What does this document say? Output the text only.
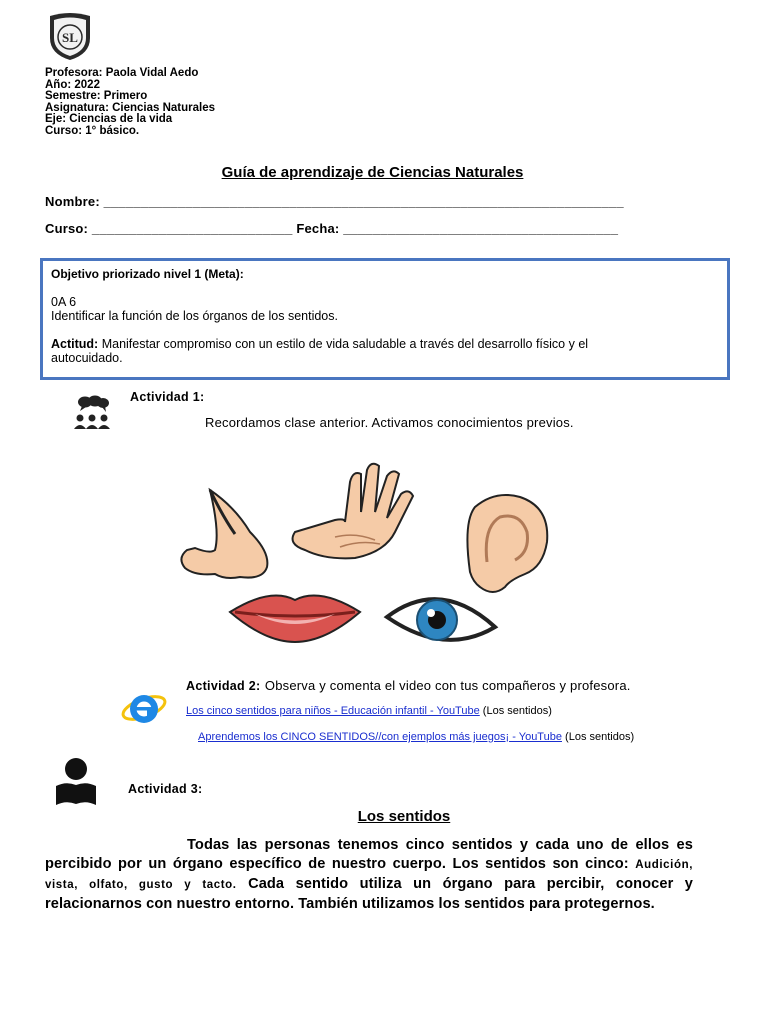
SL
Profesora: Paola Vidal Aedo
Año: 2022
Semestre: Primero
Asignatura: Ciencias Naturales
Eje: Ciencias de la vida
Curso: 1° básico.
Guía de aprendizaje de Ciencias Naturales
Nombre: ______________________________________________________________________
Curso: ___________________________ Fecha: _____________________________________
Objetivo priorizado nivel 1 (Meta):
0A 6
Identificar la función de los órganos de los sentidos.
Actitud: Manifestar compromiso con un estilo de vida saludable a través del desarrollo físico y el
autocuidado.
Actividad 1:
Recordamos clase anterior. Activamos conocimientos previos.
Actividad 2: Observa y comenta el video con tus compañeros y profesora.
Los cinco sentidos para niños - Educación infantil - YouTube (Los sentidos)
Aprendemos los CINCO SENTIDOS//con ejemplos más juegos¡ - YouTube (Los sentidos)
Actividad 3:
Los sentidos
Todas las personas tenemos cinco sentidos y cada uno de ellos es percibido por un órgano específico de nuestro cuerpo. Los sentidos son cinco: Audición, vista, olfato, gusto y tacto. Cada sentido utiliza un órgano para percibir, conocer y relacionarnos con nuestro entorno. También utilizamos los sentidos para protegernos.
